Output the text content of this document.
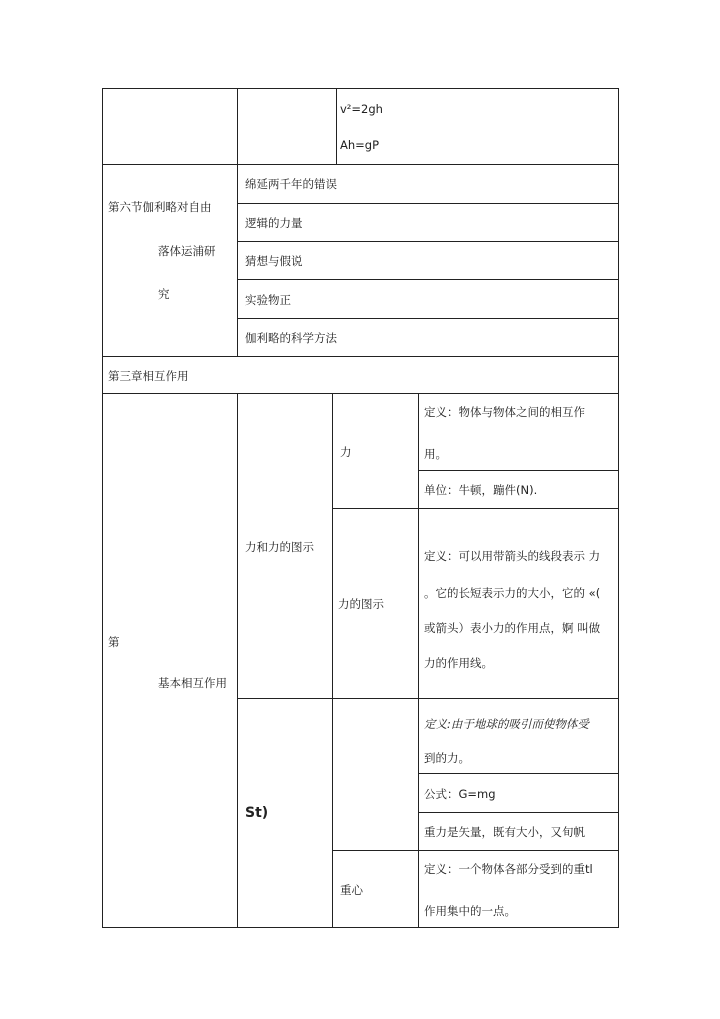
v²=2gh
Ah=gP
第六节伽利略对自由
落体运浦研
究
绵延两千年的错误
逻辑的力量
猜想与假说
实验物正
伽利略的科学方法
第三章相互作用
第
基本相互作用
力和力的图示
力
定义：物体与物体之间的相互作
用。
单位：牛顿，蹦件(N).
力的图示
定义：可以用带箭头的线段表示 力
。它的长短表示力的大小，它的 «(
或箭头）表小力的作用点，婀 叫做
力的作用线。
St)
定义:由于地球的吸引而使物体受
到的力。
公式：G=mg
重力是矢量，既有大小，又旬帆
重心
定义：一个物体各部分受到的重tl
作用集中的一点。
